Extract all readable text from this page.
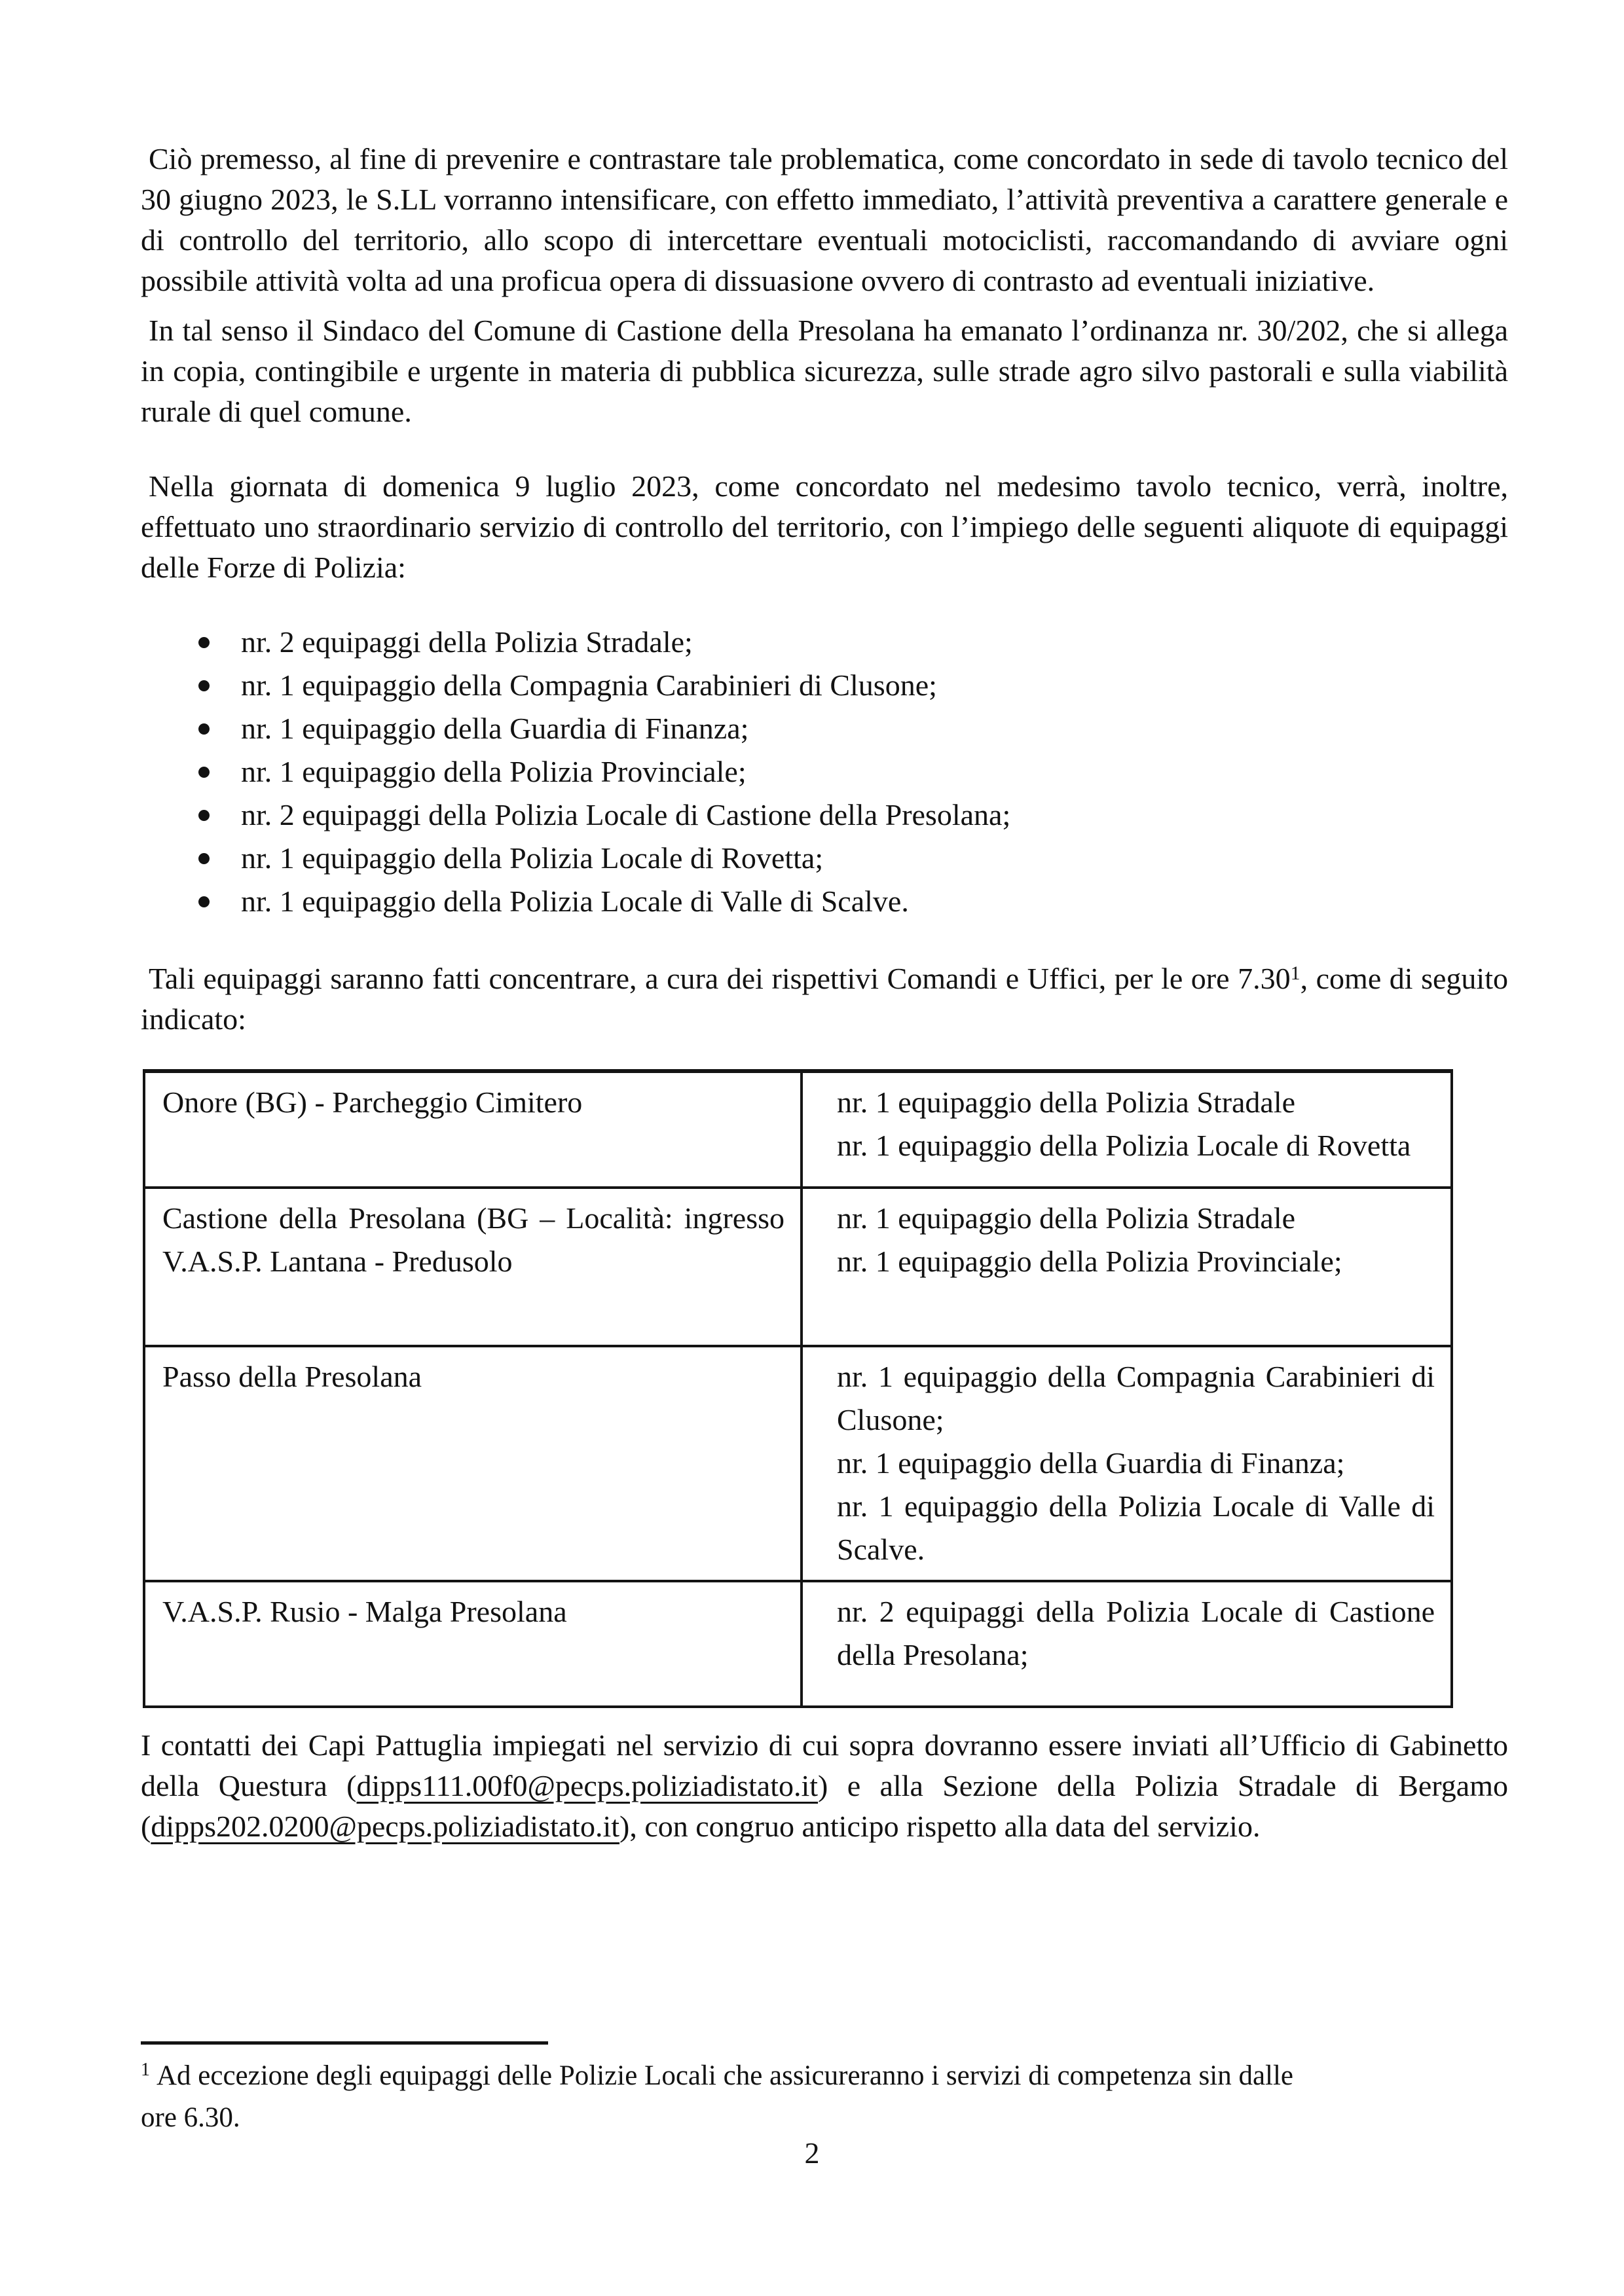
Ciò premesso, al fine di prevenire e contrastare tale problematica, come concordato in sede di tavolo tecnico del 30 giugno 2023, le S.LL vorranno intensificare, con effetto immediato, l’attività preventiva a carattere generale e di controllo del territorio, allo scopo di intercettare eventuali motociclisti, raccomandando di avviare ogni possibile attività volta ad una proficua opera di dissuasione ovvero di contrasto ad eventuali iniziative.

In tal senso il Sindaco del Comune di Castione della Presolana ha emanato l’ordinanza nr. 30/202, che si allega in copia, contingibile e urgente in materia di pubblica sicurezza, sulle strade agro silvo pastorali e sulla viabilità rurale di quel comune.

Nella giornata di domenica 9 luglio 2023, come concordato nel medesimo tavolo tecnico, verrà, inoltre, effettuato uno straordinario servizio di controllo del territorio, con l’impiego delle seguenti aliquote di equipaggi delle Forze di Polizia:

nr. 2 equipaggi della Polizia Stradale;
nr. 1 equipaggio della Compagnia Carabinieri di Clusone;
nr. 1 equipaggio della Guardia di Finanza;
nr. 1 equipaggio della Polizia Provinciale;
nr. 2 equipaggi della Polizia Locale di Castione della Presolana;
nr. 1 equipaggio della Polizia Locale di Rovetta;
nr. 1 equipaggio della Polizia Locale di Valle di Scalve.

Tali equipaggi saranno fatti concentrare, a cura dei rispettivi Comandi e Uffici, per le ore 7.30$^1$, come di seguito indicato:

Onore (BG) - Parcheggio Cimitero	nr. 1 equipaggio della Polizia Stradale
nr. 1 equipaggio della Polizia Locale di Rovetta

Castione della Presolana (BG – Località: ingresso V.A.S.P. Lantana - Predusolo	nr. 1 equipaggio della Polizia Stradale
nr. 1 equipaggio della Polizia Provinciale;

Passo della Presolana	nr. 1 equipaggio della Compagnia Carabinieri di Clusone;
nr. 1 equipaggio della Guardia di Finanza;
nr. 1 equipaggio della Polizia Locale di Valle di Scalve.

V.A.S.P. Rusio - Malga Presolana	nr. 2 equipaggi della Polizia Locale di Castione della Presolana;

I contatti dei Capi Pattuglia impiegati nel servizio di cui sopra dovranno essere inviati all’Ufficio di Gabinetto della Questura (dipps111.00f0@pecps.poliziadistato.it) e alla Sezione della Polizia Stradale di Bergamo (dipps202.0200@pecps.poliziadistato.it), con congruo anticipo rispetto alla data del servizio.

$^1$ Ad eccezione degli equipaggi delle Polizie Locali che assicureranno i servizi di competenza sin dalle ore 6.30.
2
